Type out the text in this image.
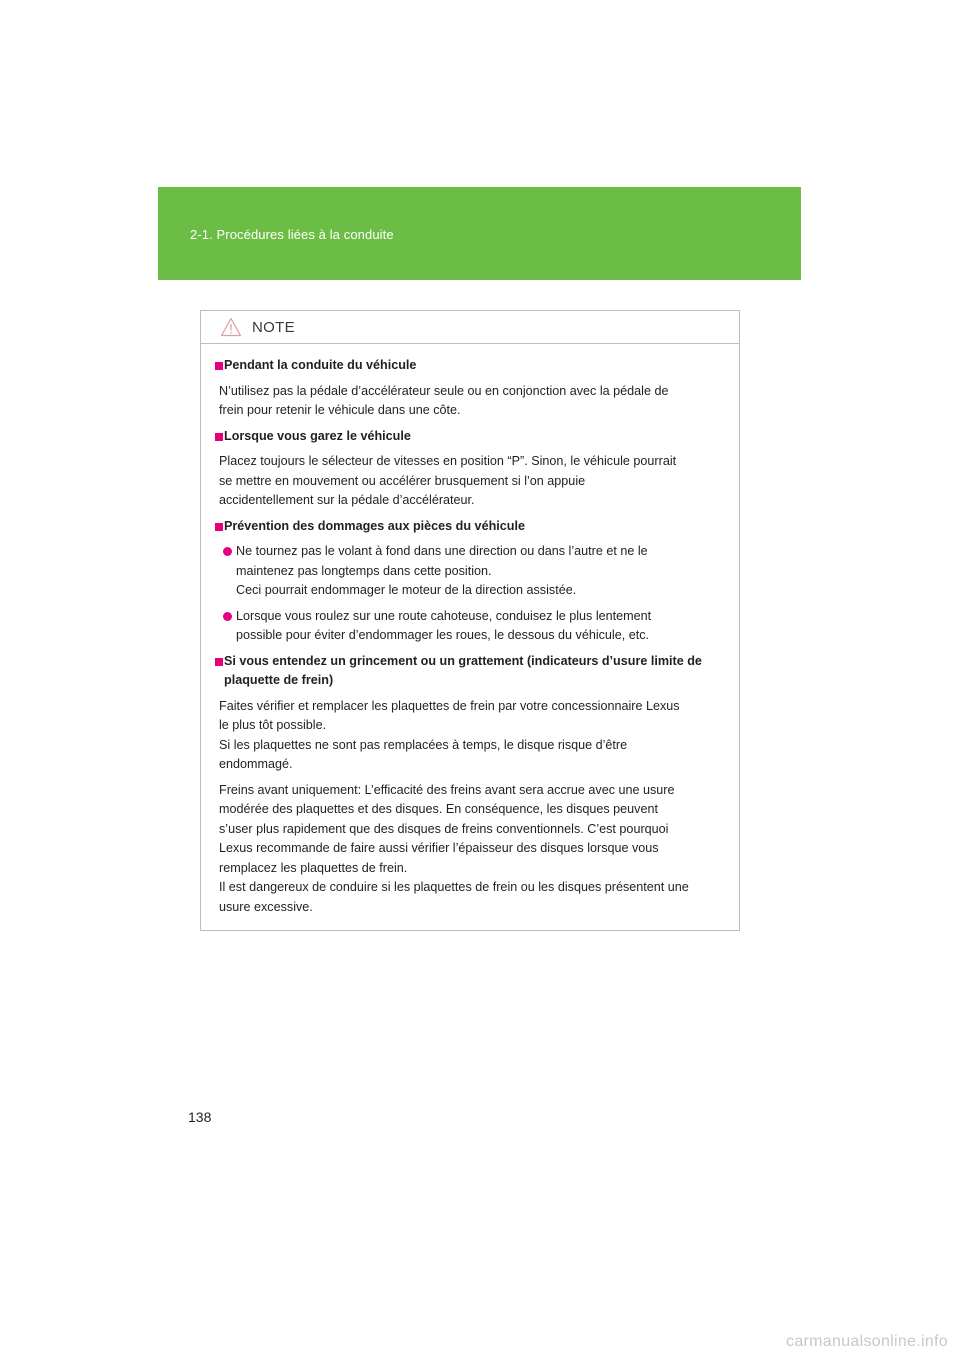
2-1. Procédures liées à la conduite
NOTE
Pendant la conduite du véhicule
N’utilisez pas la pédale d’accélérateur seule ou en conjonction avec la pédale de
frein pour retenir le véhicule dans une côte.
Lorsque vous garez le véhicule
Placez toujours le sélecteur de vitesses en position “P”. Sinon, le véhicule pourrait
se mettre en mouvement ou accélérer brusquement si l’on appuie
accidentellement sur la pédale d’accélérateur.
Prévention des dommages aux pièces du véhicule
Ne tournez pas le volant à fond dans une direction ou dans l’autre et ne le
maintenez pas longtemps dans cette position.
Ceci pourrait endommager le moteur de la direction assistée.
Lorsque vous roulez sur une route cahoteuse, conduisez le plus lentement
possible pour éviter d’endommager les roues, le dessous du véhicule, etc.
Si vous entendez un grincement ou un grattement (indicateurs d’usure limite de
plaquette de frein)
Faites vérifier et remplacer les plaquettes de frein par votre concessionnaire Lexus
le plus tôt possible.
Si les plaquettes ne sont pas remplacées à temps, le disque risque d’être
endommagé.
Freins avant uniquement: L’efficacité des freins avant sera accrue avec une usure
modérée des plaquettes et des disques. En conséquence, les disques peuvent
s’user plus rapidement que des disques de freins conventionnels. C’est pourquoi
Lexus recommande de faire aussi vérifier l’épaisseur des disques lorsque vous
remplacez les plaquettes de frein.
Il est dangereux de conduire si les plaquettes de frein ou les disques présentent une
usure excessive.
138
carmanualsonline.info
